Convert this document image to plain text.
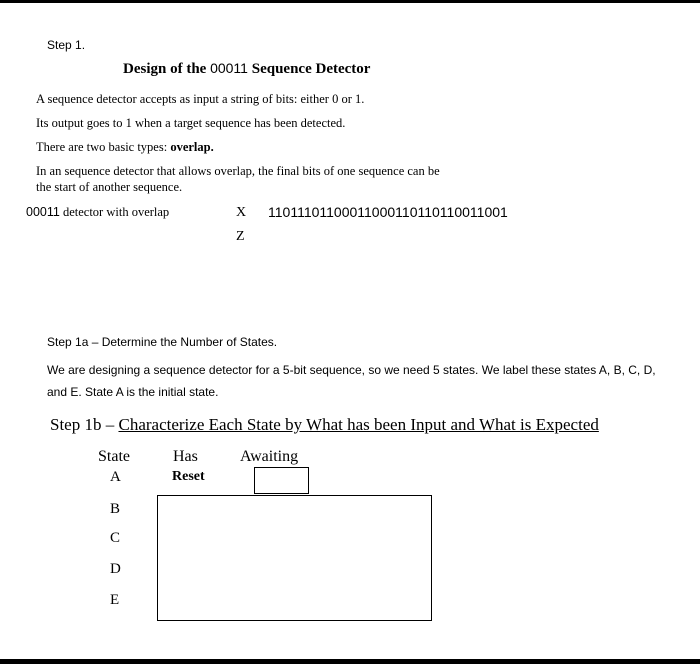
Step 1.
Design of the 00011 Sequence Detector
A sequence detector accepts as input a string of bits: either 0 or 1.
Its output goes to 1 when a target sequence has been detected.
There are two basic types: overlap.
In an sequence detector that allows overlap, the final bits of one sequence can be
the start of another sequence.
00011 detector with overlap	X 11011101100011000110110110011001
Z
Step 1a – Determine the Number of States.
We are designing a sequence detector for a 5-bit sequence, so we need 5 states. We label these states A, B, C, D,
and E. State A is the initial state.
Step 1b – Characterize Each State by What has been Input and What is Expected
State	Has	Awaiting
A	Reset
B
C
D
E
